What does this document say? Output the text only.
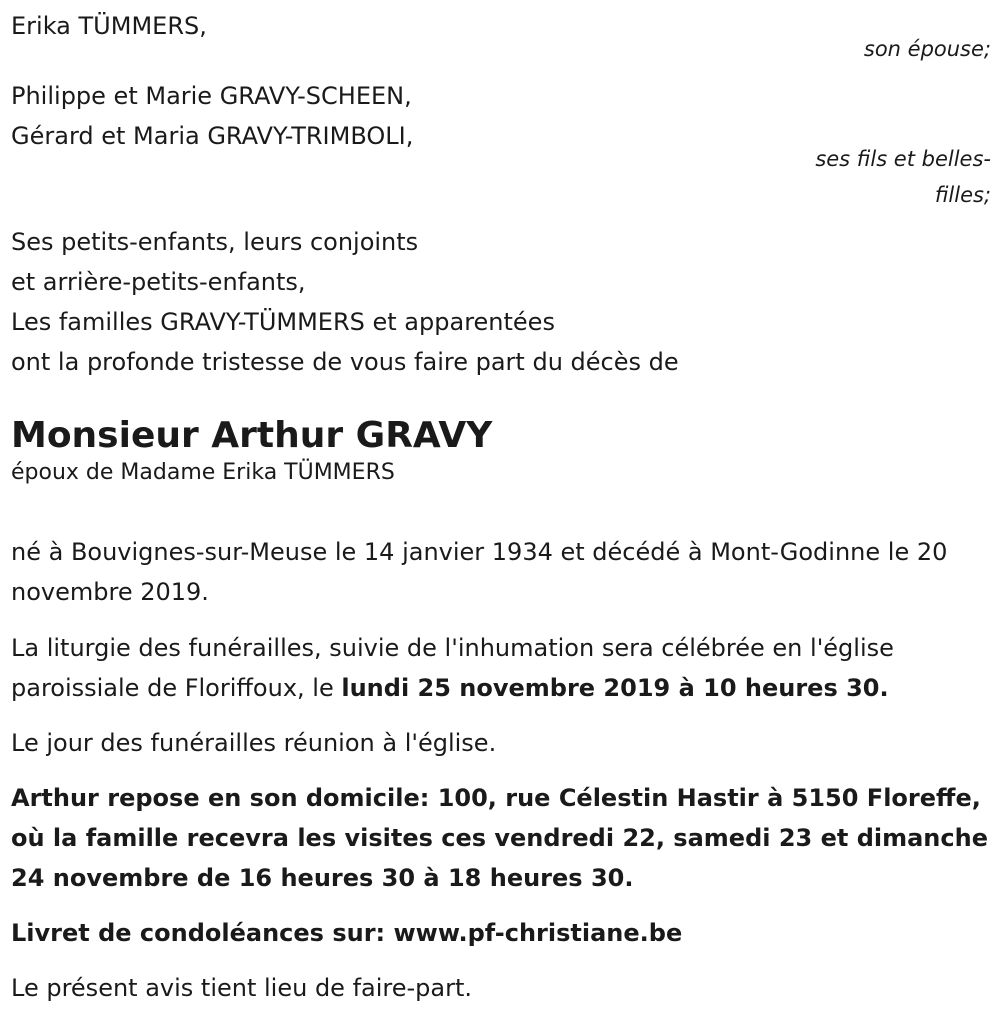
Erika TÜMMERS,
son épouse;
Philippe et Marie GRAVY-SCHEEN,
Gérard et Maria GRAVY-TRIMBOLI,
ses fils et belles-
filles;
Ses petits-enfants, leurs conjoints
et arrière-petits-enfants,
Les familles GRAVY-TÜMMERS et apparentées
ont la profonde tristesse de vous faire part du décès de
Monsieur Arthur GRAVY
époux de Madame Erika TÜMMERS
né à Bouvignes-sur-Meuse le 14 janvier 1934 et décédé à Mont-Godinne le 20 novembre 2019.
La liturgie des funérailles, suivie de l'inhumation sera célébrée en l'église paroissiale de Floriffoux, le lundi 25 novembre 2019 à 10 heures 30.
Le jour des funérailles réunion à l'église.
Arthur repose en son domicile: 100, rue Célestin Hastir à 5150 Floreffe, où la famille recevra les visites ces vendredi 22, samedi 23 et dimanche 24 novembre de 16 heures 30 à 18 heures 30.
Livret de condoléances sur: www.pf-christiane.be
Le présent avis tient lieu de faire-part.
